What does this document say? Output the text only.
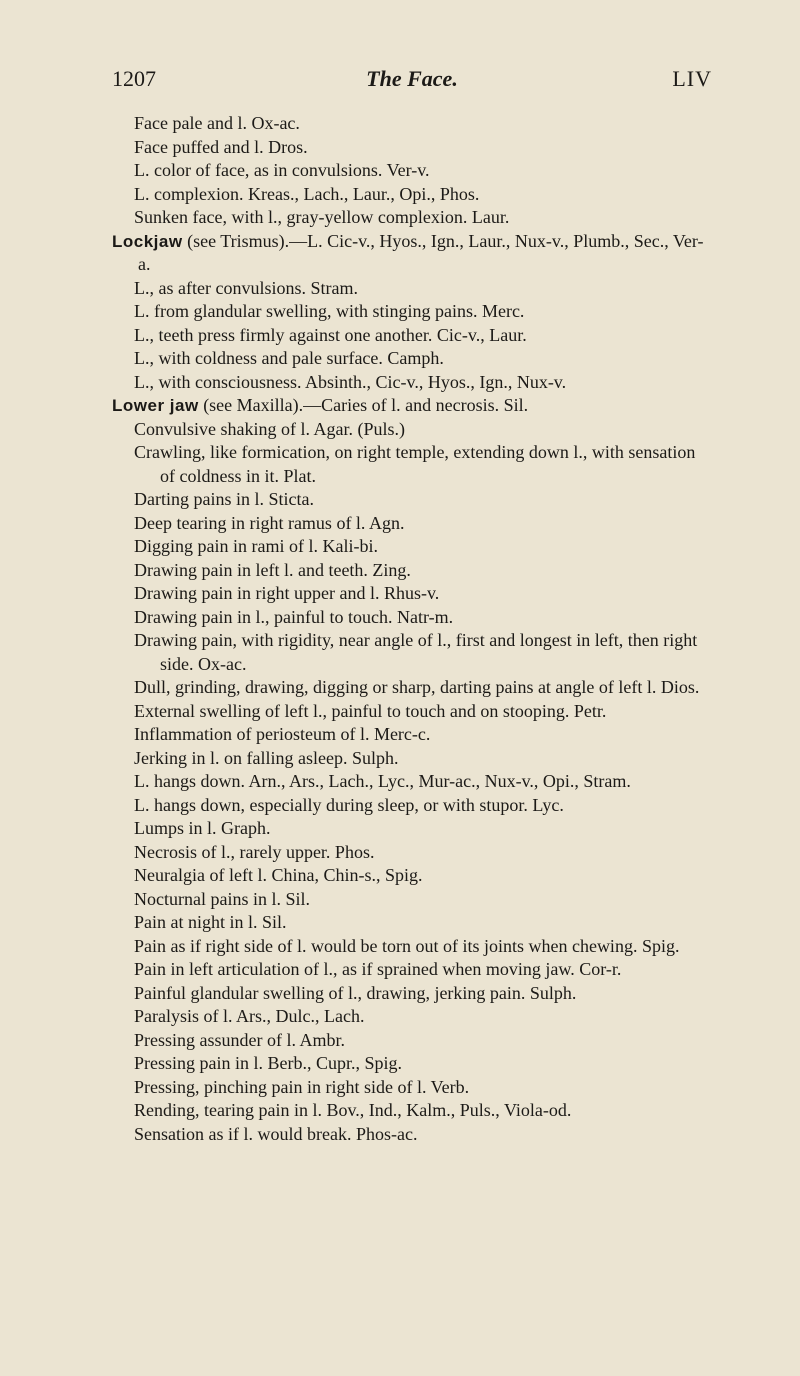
1207	The Face.	LIV
Face pale and l. Ox-ac.
Face puffed and l. Dros.
L. color of face, as in convulsions. Ver-v.
L. complexion. Kreas., Lach., Laur., Opi., Phos.
Sunken face, with l., gray-yellow complexion. Laur.
Lockjaw (see Trismus).—L. Cic-v., Hyos., Ign., Laur., Nux-v., Plumb., Sec., Ver-a.
L., as after convulsions. Stram.
L. from glandular swelling, with stinging pains. Merc.
L., teeth press firmly against one another. Cic-v., Laur.
L., with coldness and pale surface. Camph.
L., with consciousness. Absinth., Cic-v., Hyos., Ign., Nux-v.
Lower jaw (see Maxilla).—Caries of l. and necrosis. Sil.
Convulsive shaking of l. Agar. (Puls.)
Crawling, like formication, on right temple, extending down l., with sensation of coldness in it. Plat.
Darting pains in l. Sticta.
Deep tearing in right ramus of l. Agn.
Digging pain in rami of l. Kali-bi.
Drawing pain in left l. and teeth. Zing.
Drawing pain in right upper and l. Rhus-v.
Drawing pain in l., painful to touch. Natr-m.
Drawing pain, with rigidity, near angle of l., first and longest in left, then right side. Ox-ac.
Dull, grinding, drawing, digging or sharp, darting pains at angle of left l. Dios.
External swelling of left l., painful to touch and on stooping. Petr.
Inflammation of periosteum of l. Merc-c.
Jerking in l. on falling asleep. Sulph.
L. hangs down. Arn., Ars., Lach., Lyc., Mur-ac., Nux-v., Opi., Stram.
L. hangs down, especially during sleep, or with stupor. Lyc.
Lumps in l. Graph.
Necrosis of l., rarely upper. Phos.
Neuralgia of left l. China, Chin-s., Spig.
Nocturnal pains in l. Sil.
Pain at night in l. Sil.
Pain as if right side of l. would be torn out of its joints when chewing. Spig.
Pain in left articulation of l., as if sprained when moving jaw. Cor-r.
Painful glandular swelling of l., drawing, jerking pain. Sulph.
Paralysis of l. Ars., Dulc., Lach.
Pressing assunder of l. Ambr.
Pressing pain in l. Berb., Cupr., Spig.
Pressing, pinching pain in right side of l. Verb.
Rending, tearing pain in l. Bov., Ind., Kalm., Puls., Viola-od.
Sensation as if l. would break. Phos-ac.
